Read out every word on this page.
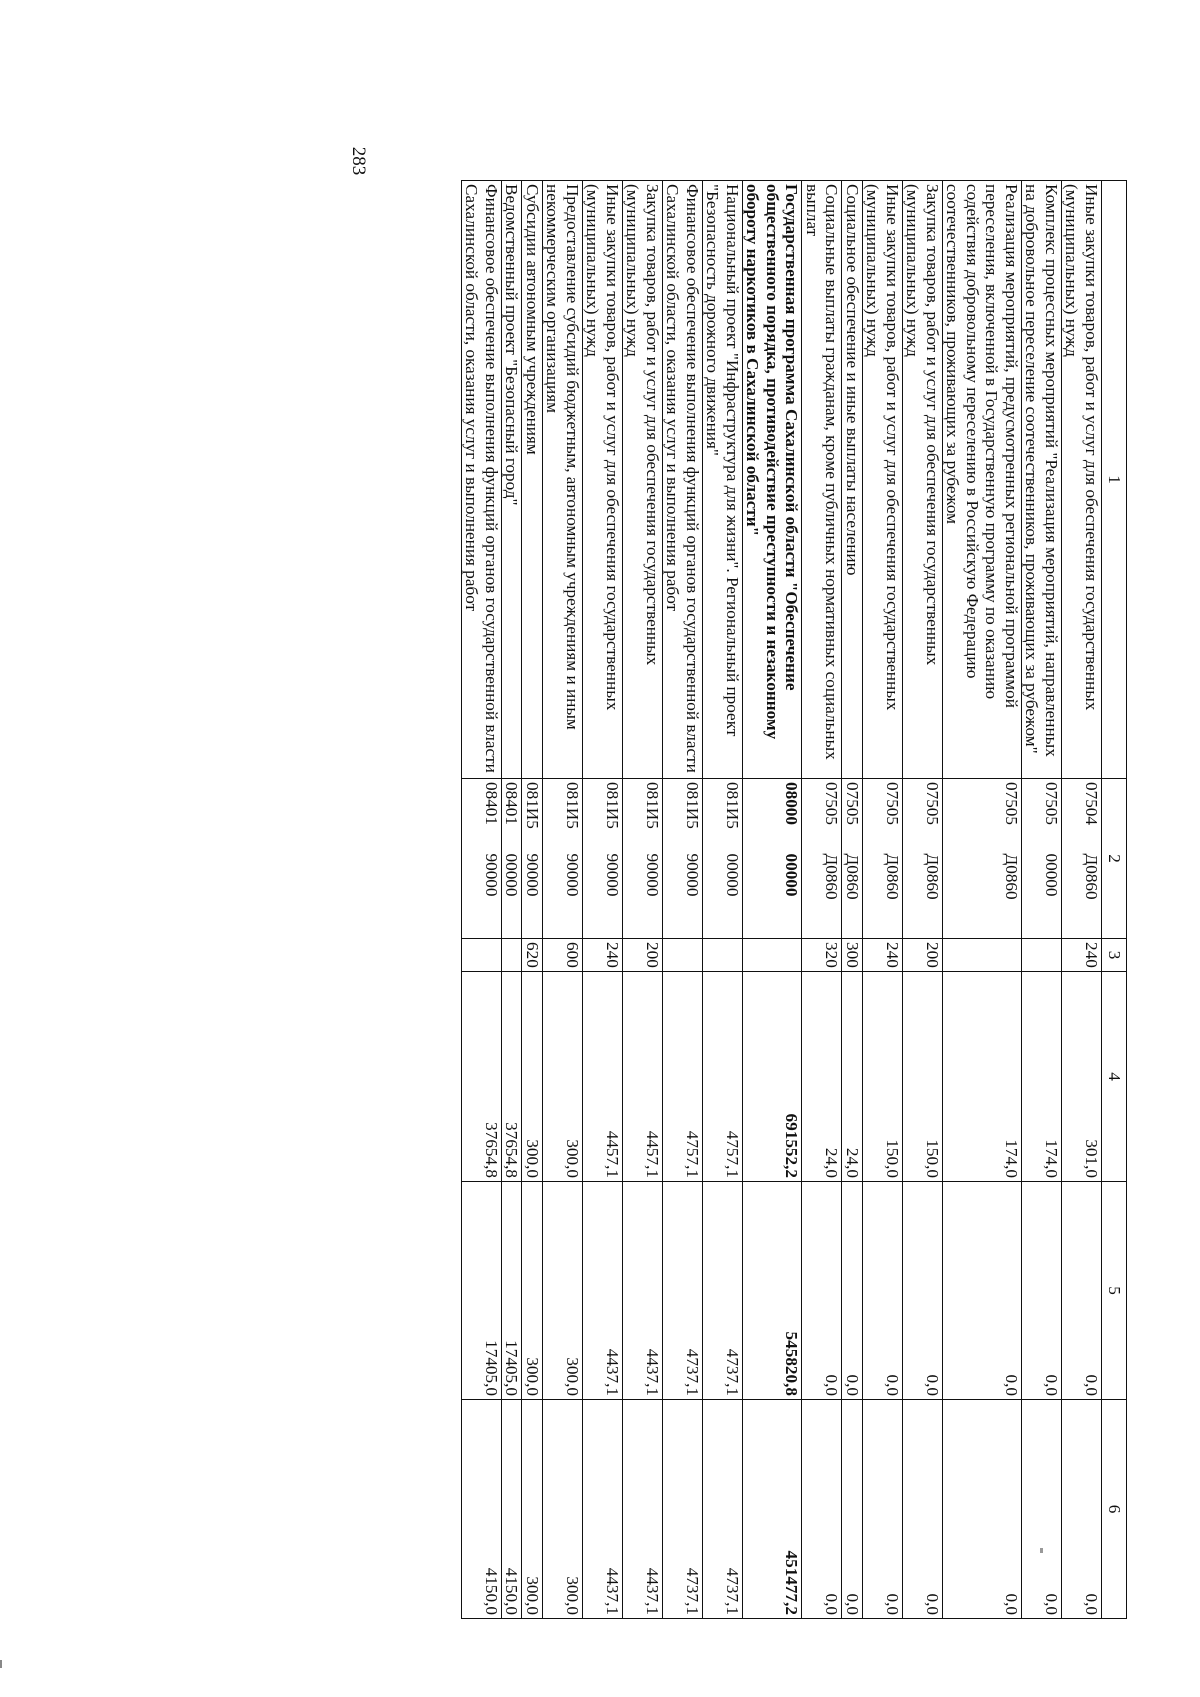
283
1	2		3	4	5	6
Иные закупки товаров, работ и услуг для обеспечения государственных (муниципальных) нужд	07504	Д0860	240	301,0	0,0	0,0
Комплекс процессных мероприятий "Реализация мероприятий, направленных на добровольное переселение соотечественников, проживающих за рубежом"	07505	00000		174,0	0,0	0,0
Реализация мероприятий, предусмотренных региональной программой переселения, включенной в Государственную программу по оказанию содействия добровольному переселению в Российскую Федерацию соотечественников, проживающих за рубежом	07505	Д0860		174,0	0,0	0,0
Закупка товаров, работ и услуг для обеспечения государственных (муниципальных) нужд	07505	Д0860	200	150,0	0,0	0,0
Иные закупки товаров, работ и услуг для обеспечения государственных (муниципальных) нужд	07505	Д0860	240	150,0	0,0	0,0
Социальное обеспечение и иные выплаты населению	07505	Д0860	300	24,0	0,0	0,0
Социальные выплаты гражданам, кроме публичных нормативных социальных выплат	07505	Д0860	320	24,0	0,0	0,0
Государственная программа Сахалинской области "Обеспечение общественного порядка, противодействие преступности и незаконному обороту наркотиков в Сахалинской области"	08000	00000		691552,2	545820,8	451477,2
Национальный проект "Инфраструктура для жизни". Региональный проект "Безопасность дорожного движения"	081И5	00000		4757,1	4737,1	4737,1
Финансовое обеспечение выполнения функций органов государственной власти Сахалинской области, оказания услуг и выполнения работ	081И5	90000		4757,1	4737,1	4737,1
Закупка товаров, работ и услуг для обеспечения государственных (муниципальных) нужд	081И5	90000	200	4457,1	4437,1	4437,1
Иные закупки товаров, работ и услуг для обеспечения государственных (муниципальных) нужд	081И5	90000	240	4457,1	4437,1	4437,1
Предоставление субсидий бюджетным, автономным учреждениям и иным некоммерческим организациям	081И5	90000	600	300,0	300,0	300,0
Субсидии автономным учреждениям	081И5	90000	620	300,0	300,0	300,0
Ведомственный проект "Безопасный город"	08401	00000		37654,8	17405,0	4150,0
Финансовое обеспечение выполнения функций органов государственной власти Сахалинской области, оказания услуг и выполнения работ	08401	90000		37654,8	17405,0	4150,0
